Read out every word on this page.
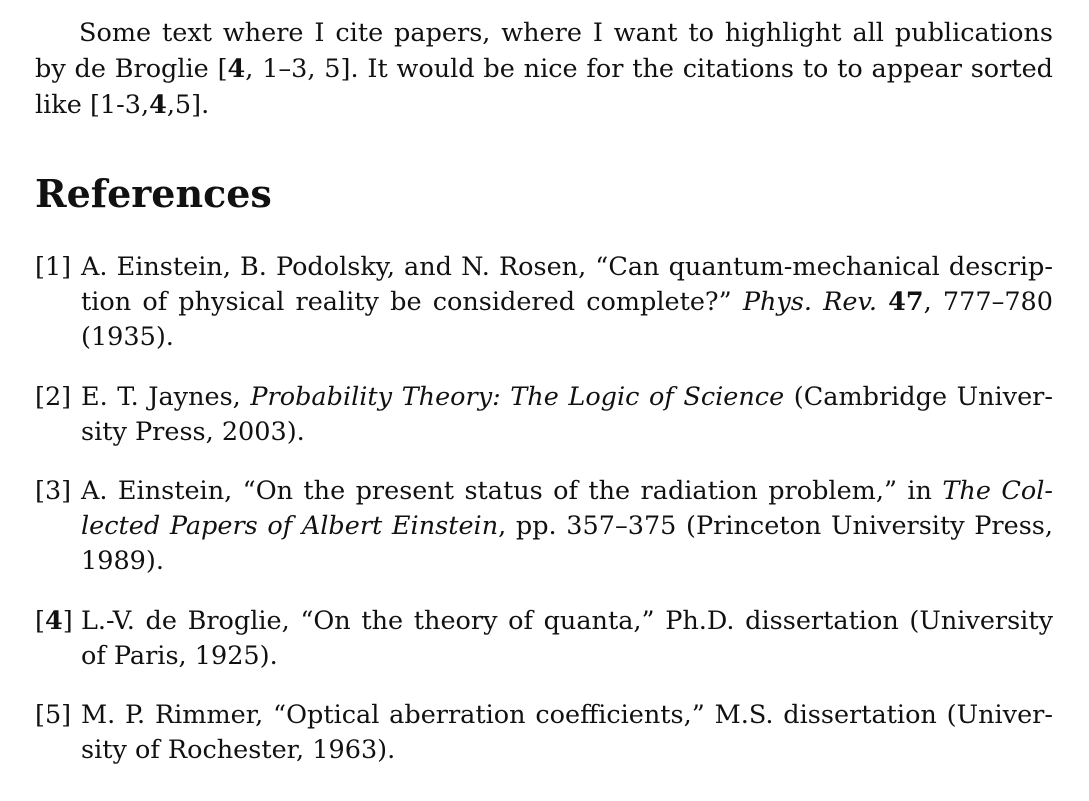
Some text where I cite papers, where I want to highlight all publications by de Broglie [4, 1–3, 5]. It would be nice for the citations to to appear sorted like [1-3,4,5].

References
[1] A. Einstein, B. Podolsky, and N. Rosen, “Can quantum-mechanical description of physical reality be considered complete?” Phys. Rev. 47, 777–780 (1935).

[2] E. T. Jaynes, Probability Theory: The Logic of Science (Cambridge University Press, 2003).

[3] A. Einstein, “On the present status of the radiation problem,” in The Collected Papers of Albert Einstein, pp. 357–375 (Princeton University Press, 1989).

[4] L.-V. de Broglie, “On the theory of quanta,” Ph.D. dissertation (University of Paris, 1925).

[5] M. P. Rimmer, “Optical aberration coefficients,” M.S. dissertation (University of Rochester, 1963).
